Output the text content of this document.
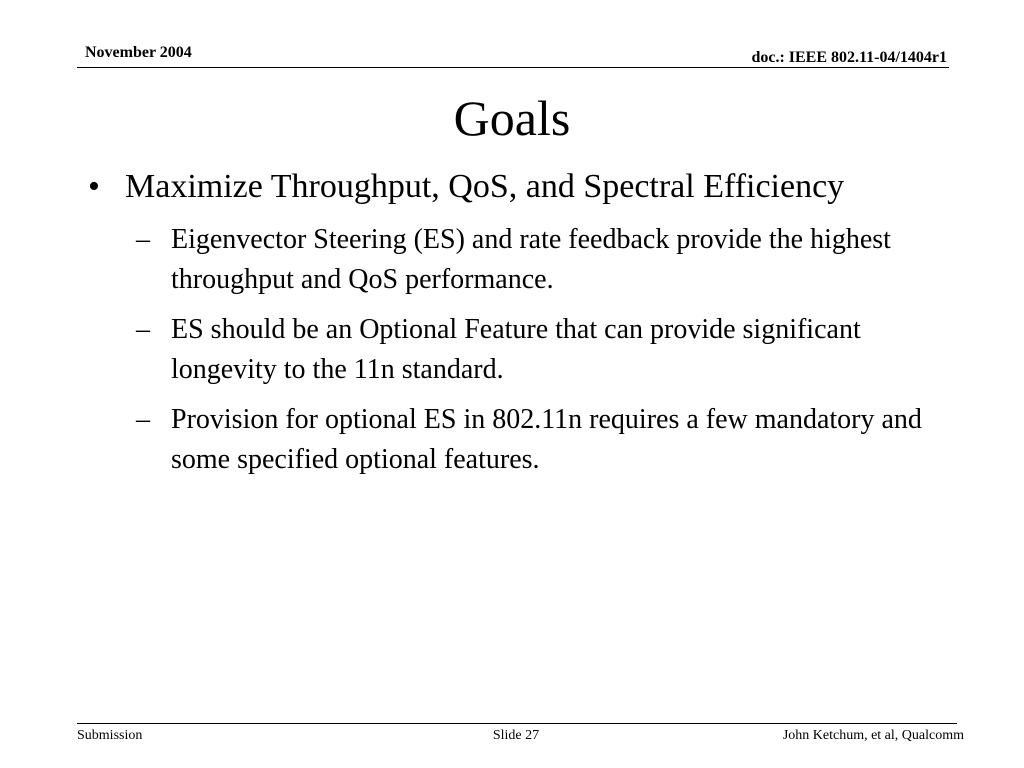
November 2004	doc.: IEEE 802.11-04/1404r1
Goals
• Maximize Throughput, QoS, and Spectral Efficiency
– Eigenvector Steering (ES) and rate feedback provide the highest throughput and QoS performance.
– ES should be an Optional Feature that can provide significant longevity to the 11n standard.
– Provision for optional ES in 802.11n requires a few mandatory and some specified optional features.
Submission	Slide 27	John Ketchum, et al, Qualcomm
